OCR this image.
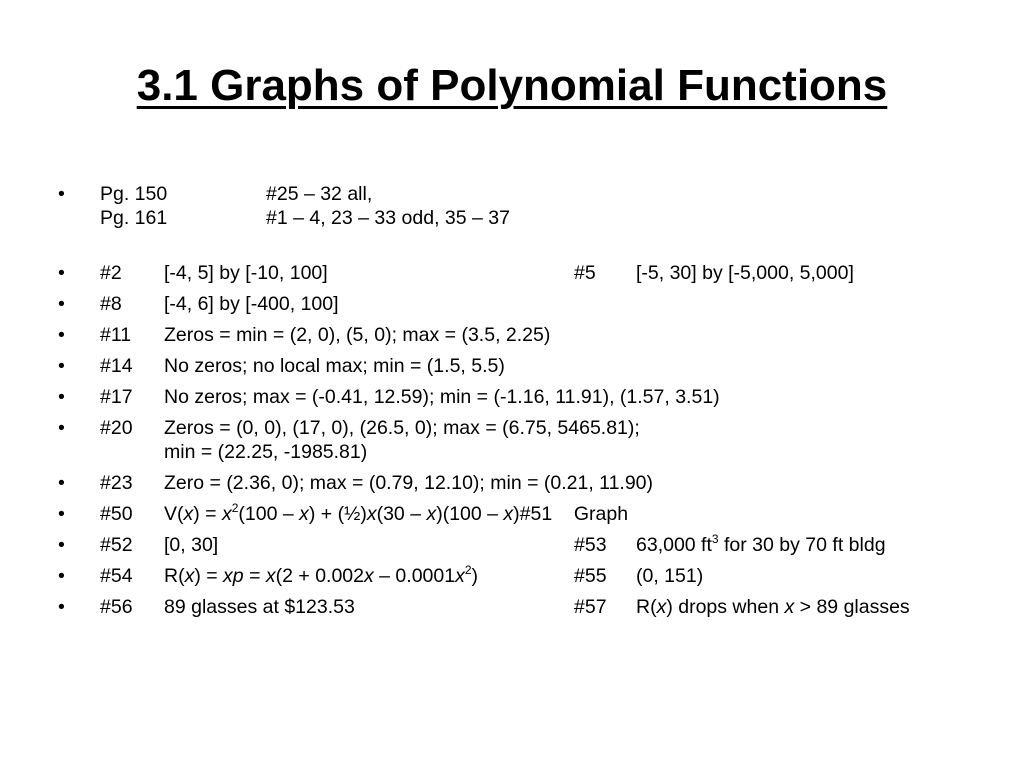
3.1 Graphs of Polynomial Functions
•	Pg. 150	#25 – 32 all,
Pg. 161	#1 – 4, 23 – 33 odd, 35 – 37
•	#2 [-4, 5] by [-10, 100]	#5 [-5, 30] by [-5,000, 5,000]
•	#8 [-4, 6] by [-400, 100]
•	#11 Zeros = min = (2, 0), (5, 0); max = (3.5, 2.25)
•	#14 No zeros; no local max; min = (1.5, 5.5)
•	#17 No zeros; max = (-0.41, 12.59); min = (-1.16, 11.91), (1.57, 3.51)
•	#20 Zeros = (0, 0), (17, 0), (26.5, 0); max = (6.75, 5465.81);
min = (22.25, -1985.81)
•	#23 Zero = (2.36, 0); max = (0.79, 12.10); min = (0.21, 11.90)
•	#50 $V(x) = x^2(100 - x)$ + (½)x(30 – x)(100 – x)#51 Graph
•	#52 [0, 30]	#53 63,000 $ft^3$ for 30 by 70 ft bldg
•	#54 R(x) = xp = $x(2 + 0.002x - 0.0001x^2)$	#55 (0, 151)
•	#56 89 glasses at $123.53	#57 R(x) drops when x > 89 glasses
